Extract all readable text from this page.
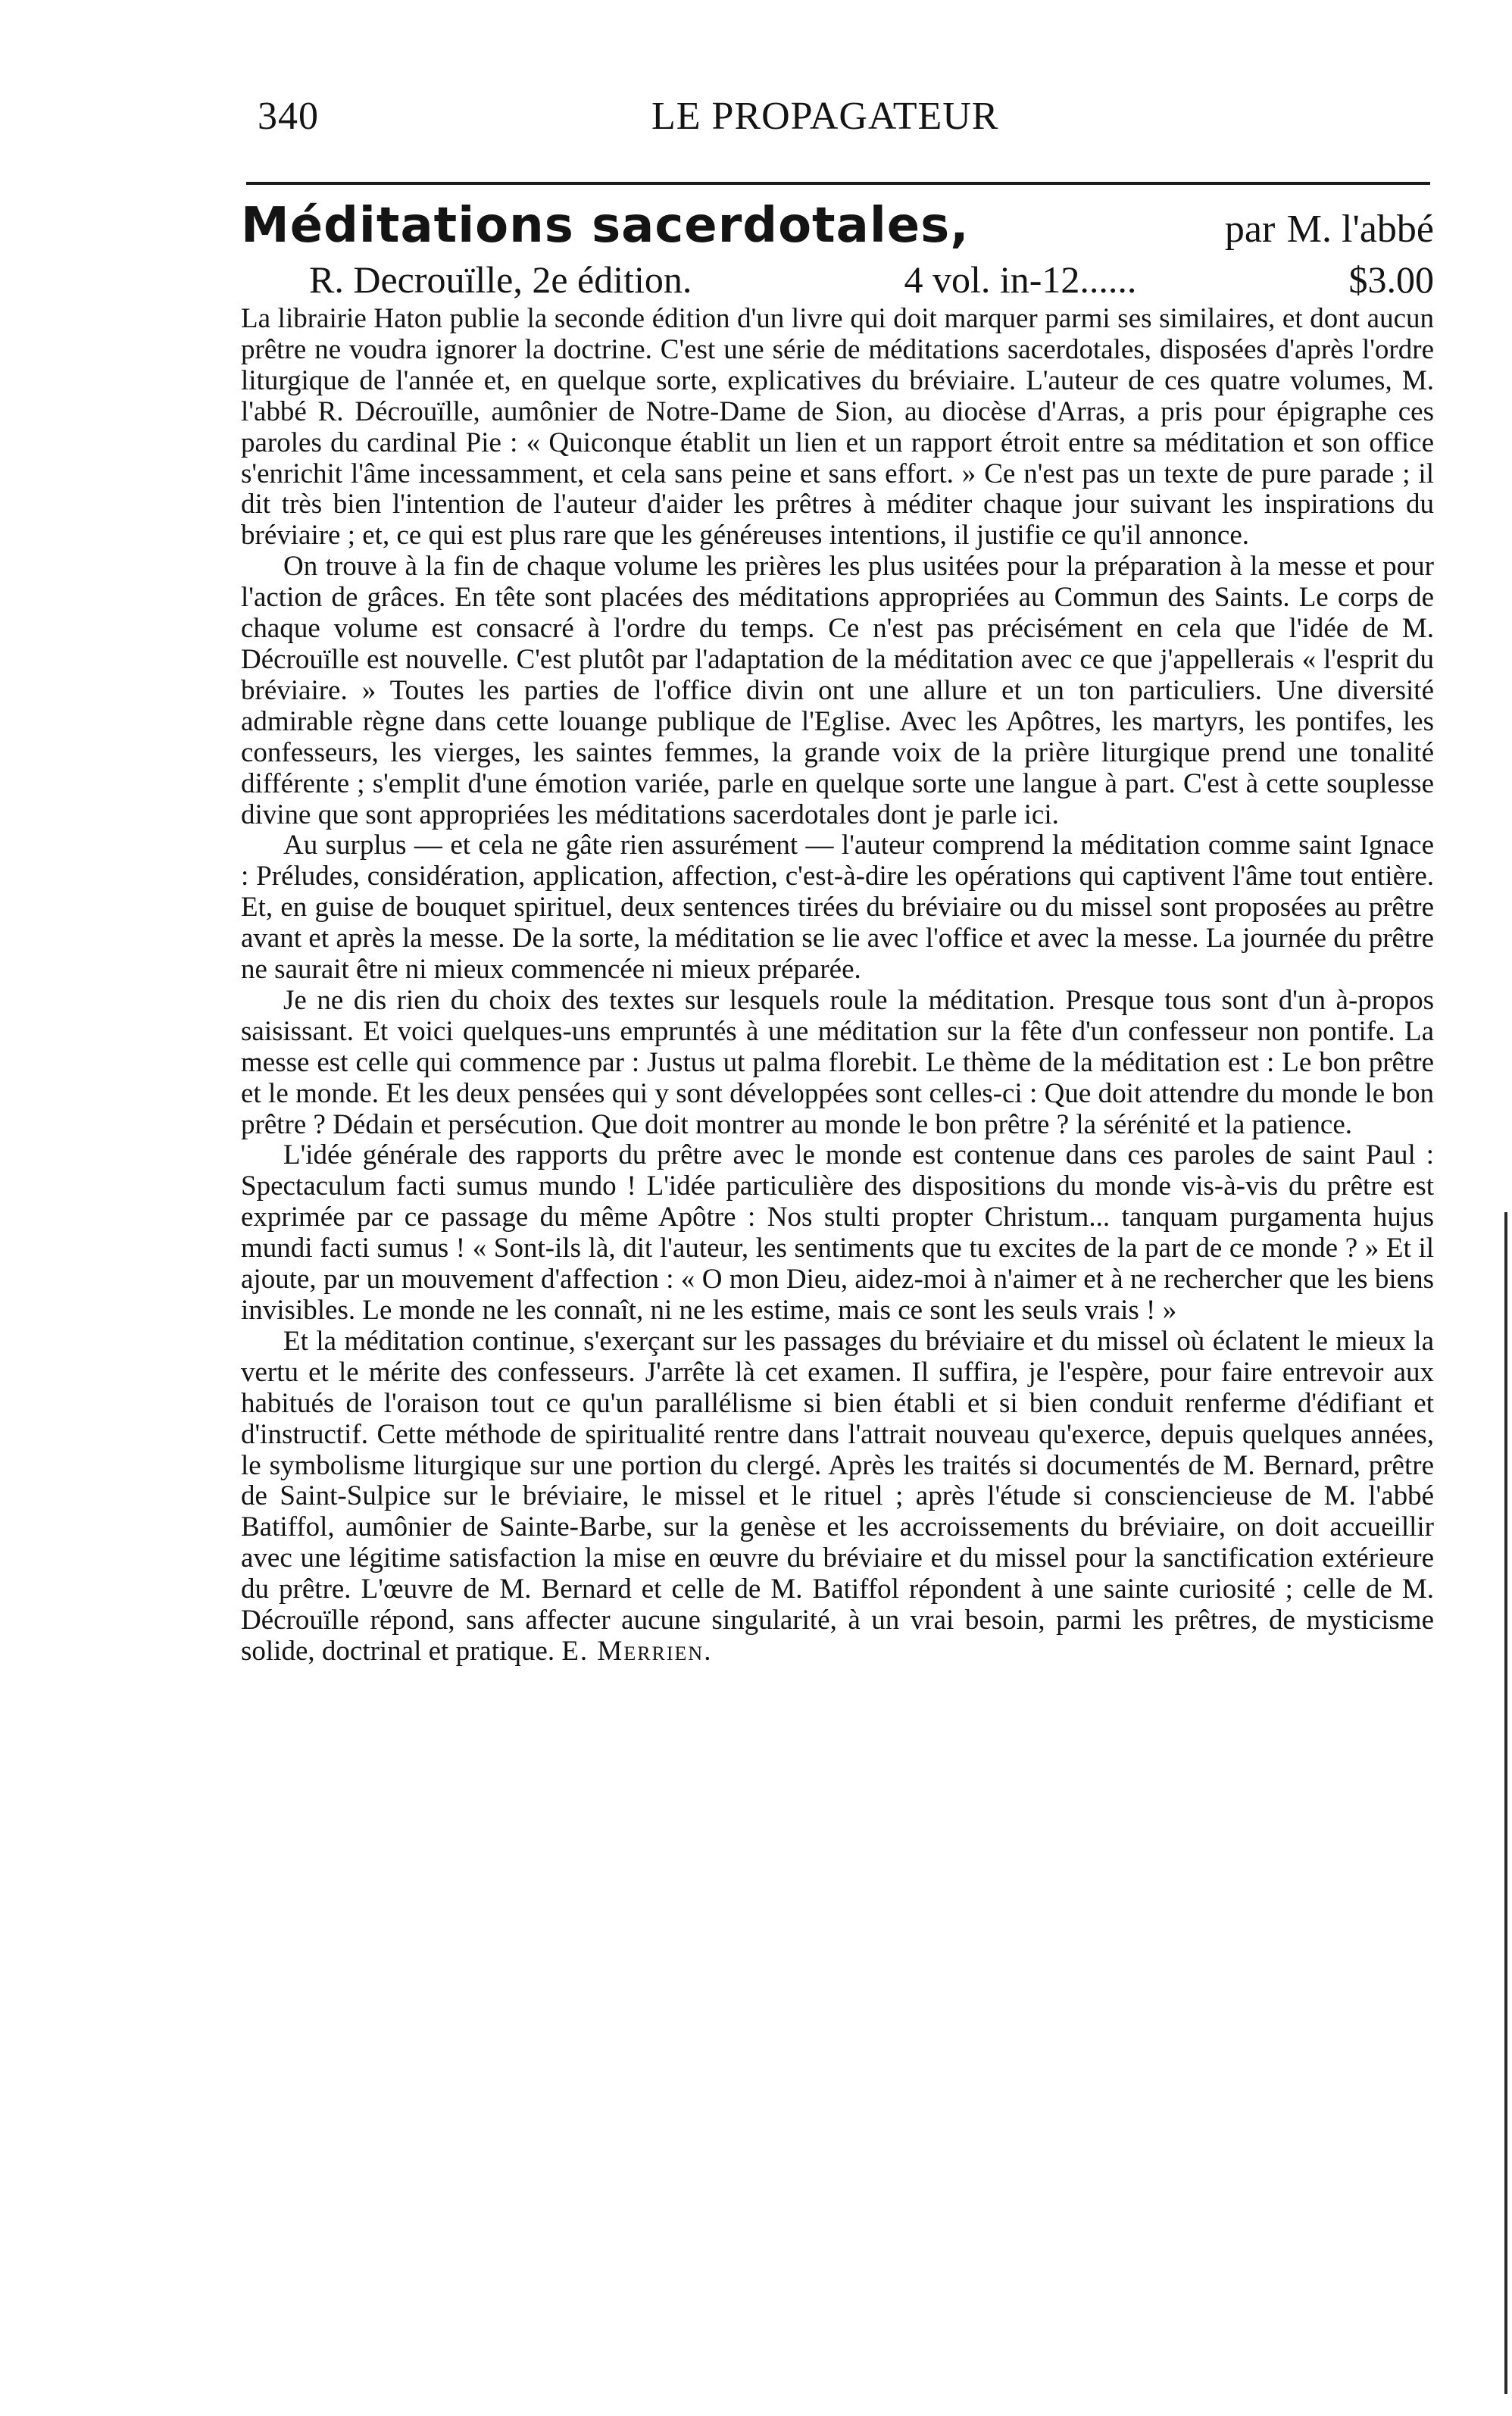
340	LE PROPAGATEUR
Méditations sacerdotales,	par M. l'abbé
R. Decrouïlle, 2e édition.	4 vol. in-12......	$3.00

La librairie Haton publie la seconde édition d'un livre qui doit marquer parmi ses similaires, et dont aucun prêtre ne voudra ignorer la doctrine. C'est une série de méditations sacerdotales, disposées d'après l'ordre liturgique de l'année et, en quelque sorte, explicatives du bréviaire. L'auteur de ces quatre volumes, M. l'abbé R. Décrouïlle, aumônier de Notre-Dame de Sion, au diocèse d'Arras, a pris pour épigraphe ces paroles du cardinal Pie : « Quiconque établit un lien et un rapport étroit entre sa méditation et son office s'enrichit l'âme incessamment, et cela sans peine et sans effort. » Ce n'est pas un texte de pure parade ; il dit très bien l'intention de l'auteur d'aider les prêtres à méditer chaque jour suivant les inspirations du bréviaire ; et, ce qui est plus rare que les généreuses intentions, il justifie ce qu'il annonce.

On trouve à la fin de chaque volume les prières les plus usitées pour la préparation à la messe et pour l'action de grâces. En tête sont placées des méditations appropriées au Commun des Saints. Le corps de chaque volume est consacré à l'ordre du temps. Ce n'est pas précisément en cela que l'idée de M. Décrouïlle est nouvelle. C'est plutôt par l'adaptation de la méditation avec ce que j'appellerais « l'esprit du bréviaire. » Toutes les parties de l'office divin ont une allure et un ton particuliers. Une diversité admirable règne dans cette louange publique de l'Eglise. Avec les Apôtres, les martyrs, les pontifes, les confesseurs, les vierges, les saintes femmes, la grande voix de la prière liturgique prend une tonalité différente ; s'emplit d'une émotion variée, parle en quelque sorte une langue à part. C'est à cette souplesse divine que sont appropriées les méditations sacerdotales dont je parle ici.

Au surplus — et cela ne gâte rien assurément — l'auteur comprend la méditation comme saint Ignace : Préludes, considération, application, affection, c'est-à-dire les opérations qui captivent l'âme tout entière. Et, en guise de bouquet spirituel, deux sentences tirées du bréviaire ou du missel sont proposées au prêtre avant et après la messe. De la sorte, la méditation se lie avec l'office et avec la messe. La journée du prêtre ne saurait être ni mieux commencée ni mieux préparée.

Je ne dis rien du choix des textes sur lesquels roule la méditation. Presque tous sont d'un à-propos saisissant. Et voici quelques-uns empruntés à une méditation sur la fête d'un confesseur non pontife. La messe est celle qui commence par : Justus ut palma florebit. Le thème de la méditation est : Le bon prêtre et le monde. Et les deux pensées qui y sont développées sont celles-ci : Que doit attendre du monde le bon prêtre ? Dédain et persécution. Que doit montrer au monde le bon prêtre ? la sérénité et la patience.

L'idée générale des rapports du prêtre avec le monde est contenue dans ces paroles de saint Paul : Spectaculum facti sumus mundo ! L'idée particulière des dispositions du monde vis-à-vis du prêtre est exprimée par ce passage du même Apôtre : Nos stulti propter Christum... tanquam purgamenta hujus mundi facti sumus ! « Sont-ils là, dit l'auteur, les sentiments que tu excites de la part de ce monde ? » Et il ajoute, par un mouvement d'affection : « O mon Dieu, aidez-moi à n'aimer et à ne rechercher que les biens invisibles. Le monde ne les connaît, ni ne les estime, mais ce sont les seuls vrais ! »

Et la méditation continue, s'exerçant sur les passages du bréviaire et du missel où éclatent le mieux la vertu et le mérite des confesseurs. J'arrête là cet examen. Il suffira, je l'espère, pour faire entrevoir aux habitués de l'oraison tout ce qu'un parallélisme si bien établi et si bien conduit renferme d'édifiant et d'instructif. Cette méthode de spiritualité rentre dans l'attrait nouveau qu'exerce, depuis quelques années, le symbolisme liturgique sur une portion du clergé. Après les traités si documentés de M. Bernard, prêtre de Saint-Sulpice sur le bréviaire, le missel et le rituel ; après l'étude si consciencieuse de M. l'abbé Batiffol, aumônier de Sainte-Barbe, sur la genèse et les accroissements du bréviaire, on doit accueillir avec une légitime satisfaction la mise en œuvre du bréviaire et du missel pour la sanctification extérieure du prêtre. L'œuvre de M. Bernard et celle de M. Batiffol répondent à une sainte curiosité ; celle de M. Décrouïlle répond, sans affecter aucune singularité, à un vrai besoin, parmi les prêtres, de mysticisme solide, doctrinal et pratique. E. Merrien.
